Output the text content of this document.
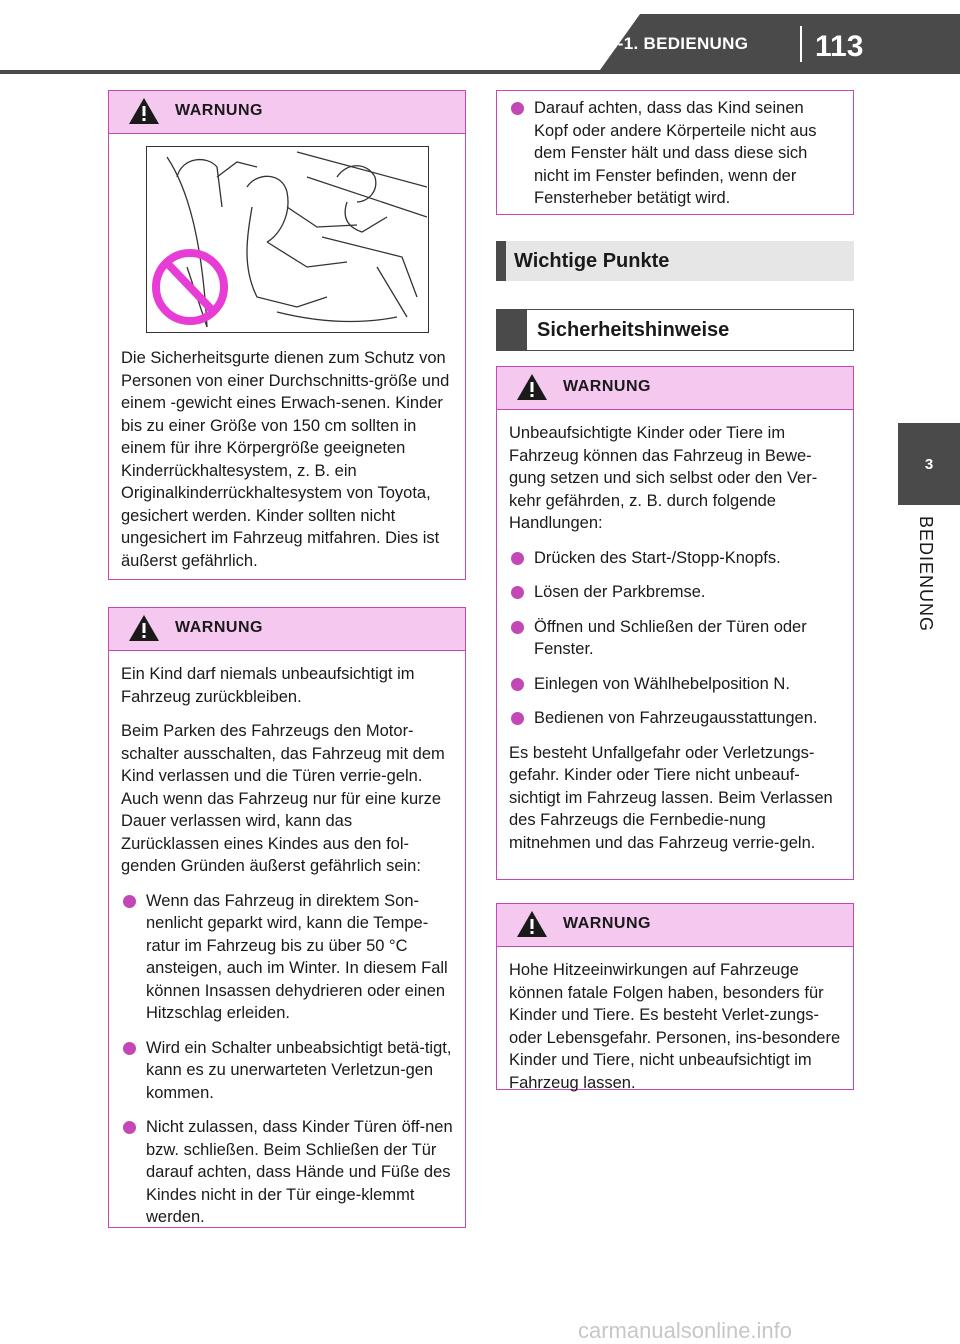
3-1. BEDIENUNG 113
3
BEDIENUNG
WARNUNG

Die Sicherheitsgurte dienen zum Schutz von Personen von einer Durchschnitts-größe und einem -gewicht eines Erwach-senen. Kinder bis zu einer Größe von 150 cm sollten in einem für ihre Körpergröße geeigneten Kinderrückhaltesystem, z. B. ein Originalkinderrückhaltesystem von Toyota, gesichert werden. Kinder sollten nicht ungesichert im Fahrzeug mitfahren. Dies ist äußerst gefährlich.

WARNUNG

Ein Kind darf niemals unbeaufsichtigt im Fahrzeug zurückbleiben.

Beim Parken des Fahrzeugs den Motor-schalter ausschalten, das Fahrzeug mit dem Kind verlassen und die Türen verrie-geln. Auch wenn das Fahrzeug nur für eine kurze Dauer verlassen wird, kann das Zurücklassen eines Kindes aus den fol-genden Gründen äußerst gefährlich sein:

Wenn das Fahrzeug in direktem Son-nenlicht geparkt wird, kann die Tempe-ratur im Fahrzeug bis zu über 50 °C ansteigen, auch im Winter. In diesem Fall können Insassen dehydrieren oder einen Hitzschlag erleiden.
Wird ein Schalter unbeabsichtigt betä-tigt, kann es zu unerwarteten Verletzun-gen kommen.
Nicht zulassen, dass Kinder Türen öff-nen bzw. schließen. Beim Schließen der Tür darauf achten, dass Hände und Füße des Kindes nicht in der Tür einge-klemmt werden.
Darauf achten, dass das Kind seinen Kopf oder andere Körperteile nicht aus dem Fenster hält und dass diese sich nicht im Fenster befinden, wenn der Fensterheber betätigt wird.
Wichtige Punkte
Sicherheitshinweise
WARNUNG

Unbeaufsichtigte Kinder oder Tiere im Fahrzeug können das Fahrzeug in Bewe-gung setzen und sich selbst oder den Ver-kehr gefährden, z. B. durch folgende Handlungen:

Drücken des Start-/Stopp-Knopfs.
Lösen der Parkbremse.
Öffnen und Schließen der Türen oder Fenster.
Einlegen von Wählhebelposition N.
Bedienen von Fahrzeugausstattungen.

Es besteht Unfallgefahr oder Verletzungs-gefahr. Kinder oder Tiere nicht unbeauf-sichtigt im Fahrzeug lassen. Beim Verlassen des Fahrzeugs die Fernbedie-nung mitnehmen und das Fahrzeug verrie-geln.

WARNUNG

Hohe Hitzeeinwirkungen auf Fahrzeuge können fatale Folgen haben, besonders für Kinder und Tiere. Es besteht Verlet-zungs- oder Lebensgefahr. Personen, ins-besondere Kinder und Tiere, nicht unbeaufsichtigt im Fahrzeug lassen.

carmanualsonline.info
